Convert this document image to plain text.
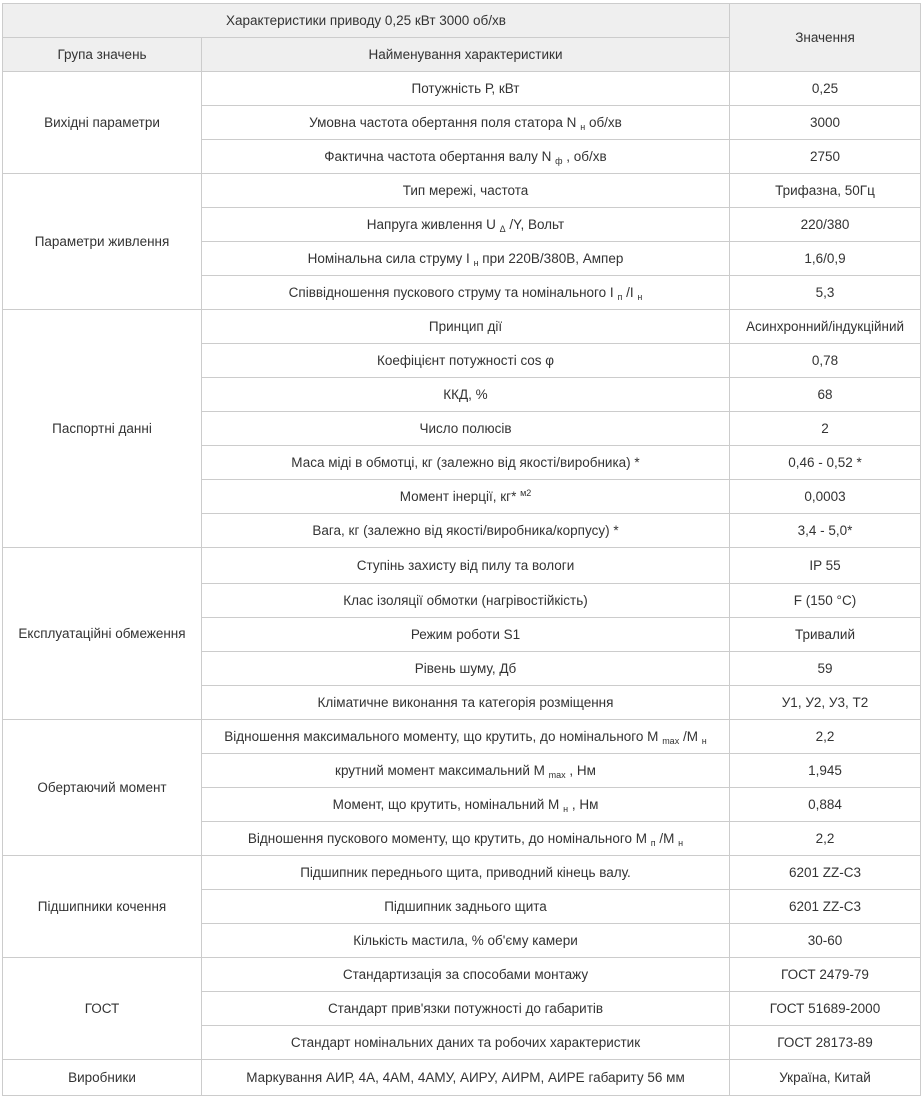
Характеристики приводу 0,25 кВт 3000 об/хв		Значення
Група значень	Найменування характеристики	
Вихідні параметри	Потужність Р, кВт	0,25
	Умовна частота обертання поля статора N $_н$ об/хв	3000
	Фактична частота обертання валу N $_ф$ , об/хв	2750
Параметри живлення	Тип мережі, частота	Трифазна, 50Гц
	Напруга живлення U $_\Delta$ /Y, Вольт	220/380
	Номінальна сила струму І $_н$ при 220В/380В, Ампер	1,6/0,9
	Співвідношення пускового струму та номінального І $_п$ /І $_н$	5,3
Паспортні данні	Принцип дії	Асинхронний/індукційний
	Коефіцієнт потужності cos φ	0,78
	ККД, %	68
	Число полюсів	2
	Маса міді в обмотці, кг (залежно від якості/виробника) *	0,46 - 0,52 *
	Момент інерції, кг* $^{м2}$	0,0003
	Вага, кг (залежно від якості/виробника/корпусу) *	3,4 - 5,0*
Експлуатаційні обмеження	Ступінь захисту від пилу та вологи	IP 55
	Клас ізоляції обмотки (нагрівостійкість)	F (150 °C)
	Режим роботи S1	Тривалий
	Рівень шуму, Дб	59
	Кліматичне виконання та категорія розміщення	У1, У2, У3, Т2
Обертаючий момент	Відношення максимального моменту, що крутить, до номінального М $_{max}$ /М $_н$	2,2
	крутний момент максимальний М $_{max}$ , Нм	1,945
	Момент, що крутить, номінальний М $_н$ , Нм	0,884
	Відношення пускового моменту, що крутить, до номінального М $_п$ /М $_н$	2,2
Підшипники кочення	Підшипник переднього щита, приводний кінець валу.	6201 ZZ-C3
	Підшипник заднього щита	6201 ZZ-C3
	Кількість мастила, % об'єму камери	30-60
ГОСТ	Стандартизація за способами монтажу	ГОСТ 2479-79
	Стандарт прив'язки потужності до габаритів	ГОСТ 51689-2000
	Стандарт номінальних даних та робочих характеристик	ГОСТ 28173-89
Виробники	Маркування АИР, 4А, 4АМ, 4АМУ, АИРУ, АИРМ, АИРЕ габариту 56 мм	Україна, Китай
